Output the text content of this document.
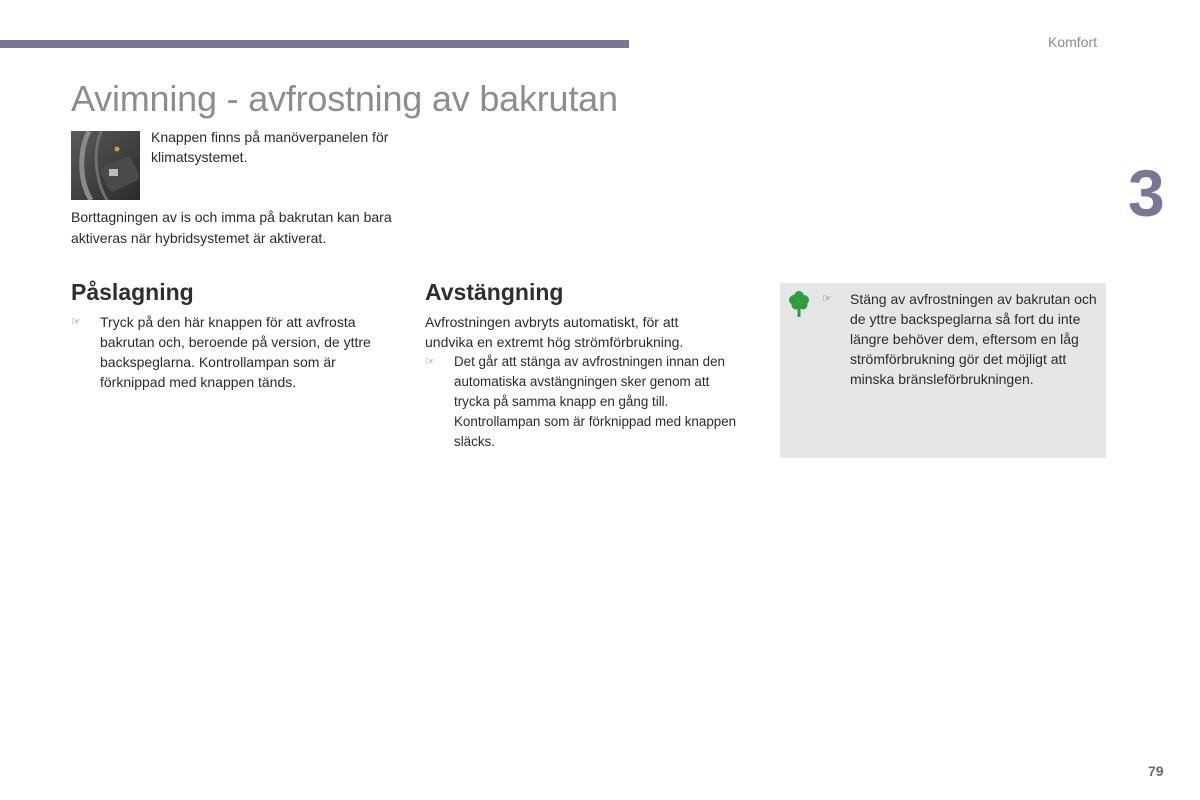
Komfort
3
Avimning - avfrostning av bakrutan
Knappen finns på manöverpanelen för klimatsystemet.
Borttagningen av is och imma på bakrutan kan bara aktiveras när hybridsystemet är aktiverat.
Påslagning
☞ Tryck på den här knappen för att avfrosta bakrutan och, beroende på version, de yttre backspeglarna. Kontrollampan som är förknippad med knappen tänds.
Avstängning
Avfrostningen avbryts automatiskt, för att undvika en extremt hög strömförbrukning.
☞ Det går att stänga av avfrostningen innan den automatiska avstängningen sker genom att trycka på samma knapp en gång till. Kontrollampan som är förknippad med knappen släcks.
☞ Stäng av avfrostningen av bakrutan och de yttre backspeglarna så fort du inte längre behöver dem, eftersom en låg strömförbrukning gör det möjligt att minska bränsleförbrukningen.
79
